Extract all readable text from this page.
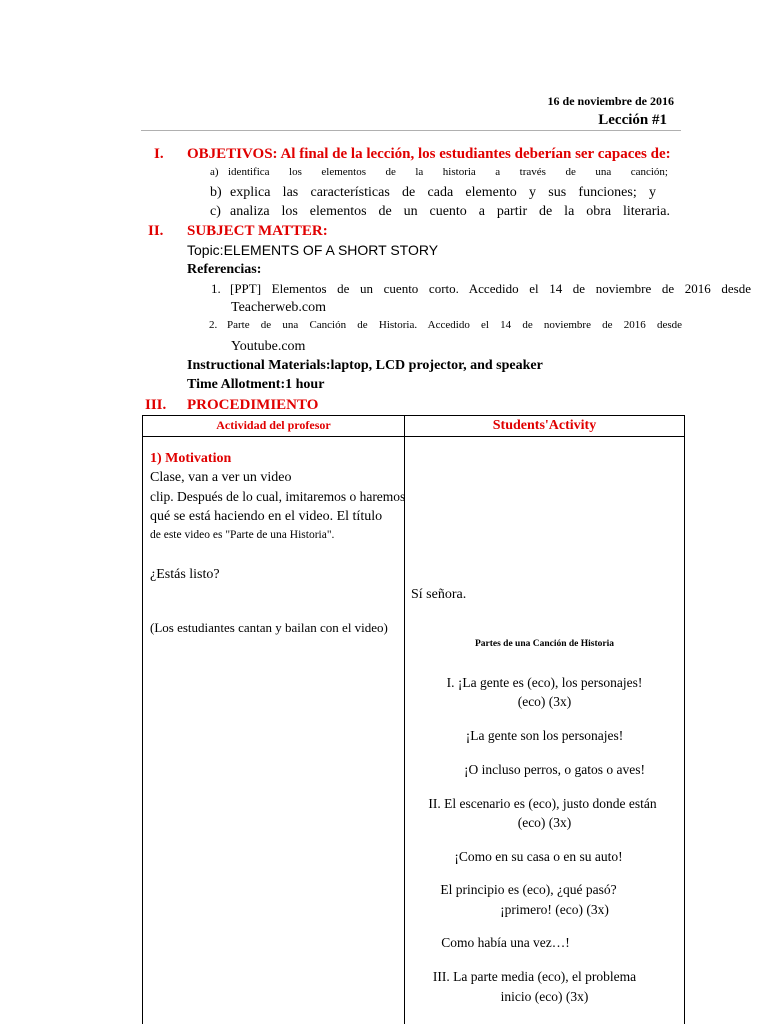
16 de noviembre de 2016
Lección #1
I. OBJETIVOS: Al final de la lección, los estudiantes deberían ser capaces de:
a) identifica los elementos de la historia a través de una canción;
b) explica las características de cada elemento y sus funciones; y
c) analiza los elementos de un cuento a partir de la obra literaria.
II. SUBJECT MATTER:
Topic:ELEMENTS OF A SHORT STORY
Referencias:
1. [PPT] Elementos de un cuento corto. Accedido el 14 de noviembre de 2016 desde
Teacherweb.com
2. Parte de una Canción de Historia. Accedido el 14 de noviembre de 2016 desde
Youtube.com
Instructional Materials:laptop, LCD projector, and speaker
Time Allotment:1 hour
III. PROCEDIMIENTO
Actividad del profesor	Students'Activity
1) Motivation
Clase, van a ver un video
clip. Después de lo cual, imitaremos o haremos
qué se está haciendo en el video. El título
de este video es "Parte de una Historia".
¿Estás listo?
(Los estudiantes cantan y bailan con el video)
Sí señora.
Partes de una Canción de Historia
I. ¡La gente es (eco), los personajes!
(eco) (3x)
¡La gente son los personajes!
¡O incluso perros, o gatos o aves!
II. El escenario es (eco), justo donde están
(eco) (3x)
¡Como en su casa o en su auto!
El principio es (eco), ¿qué pasó?
¡primero! (eco) (3x)
Como había una vez…!
III. La parte media (eco), el problema
inicio (eco) (3x)
